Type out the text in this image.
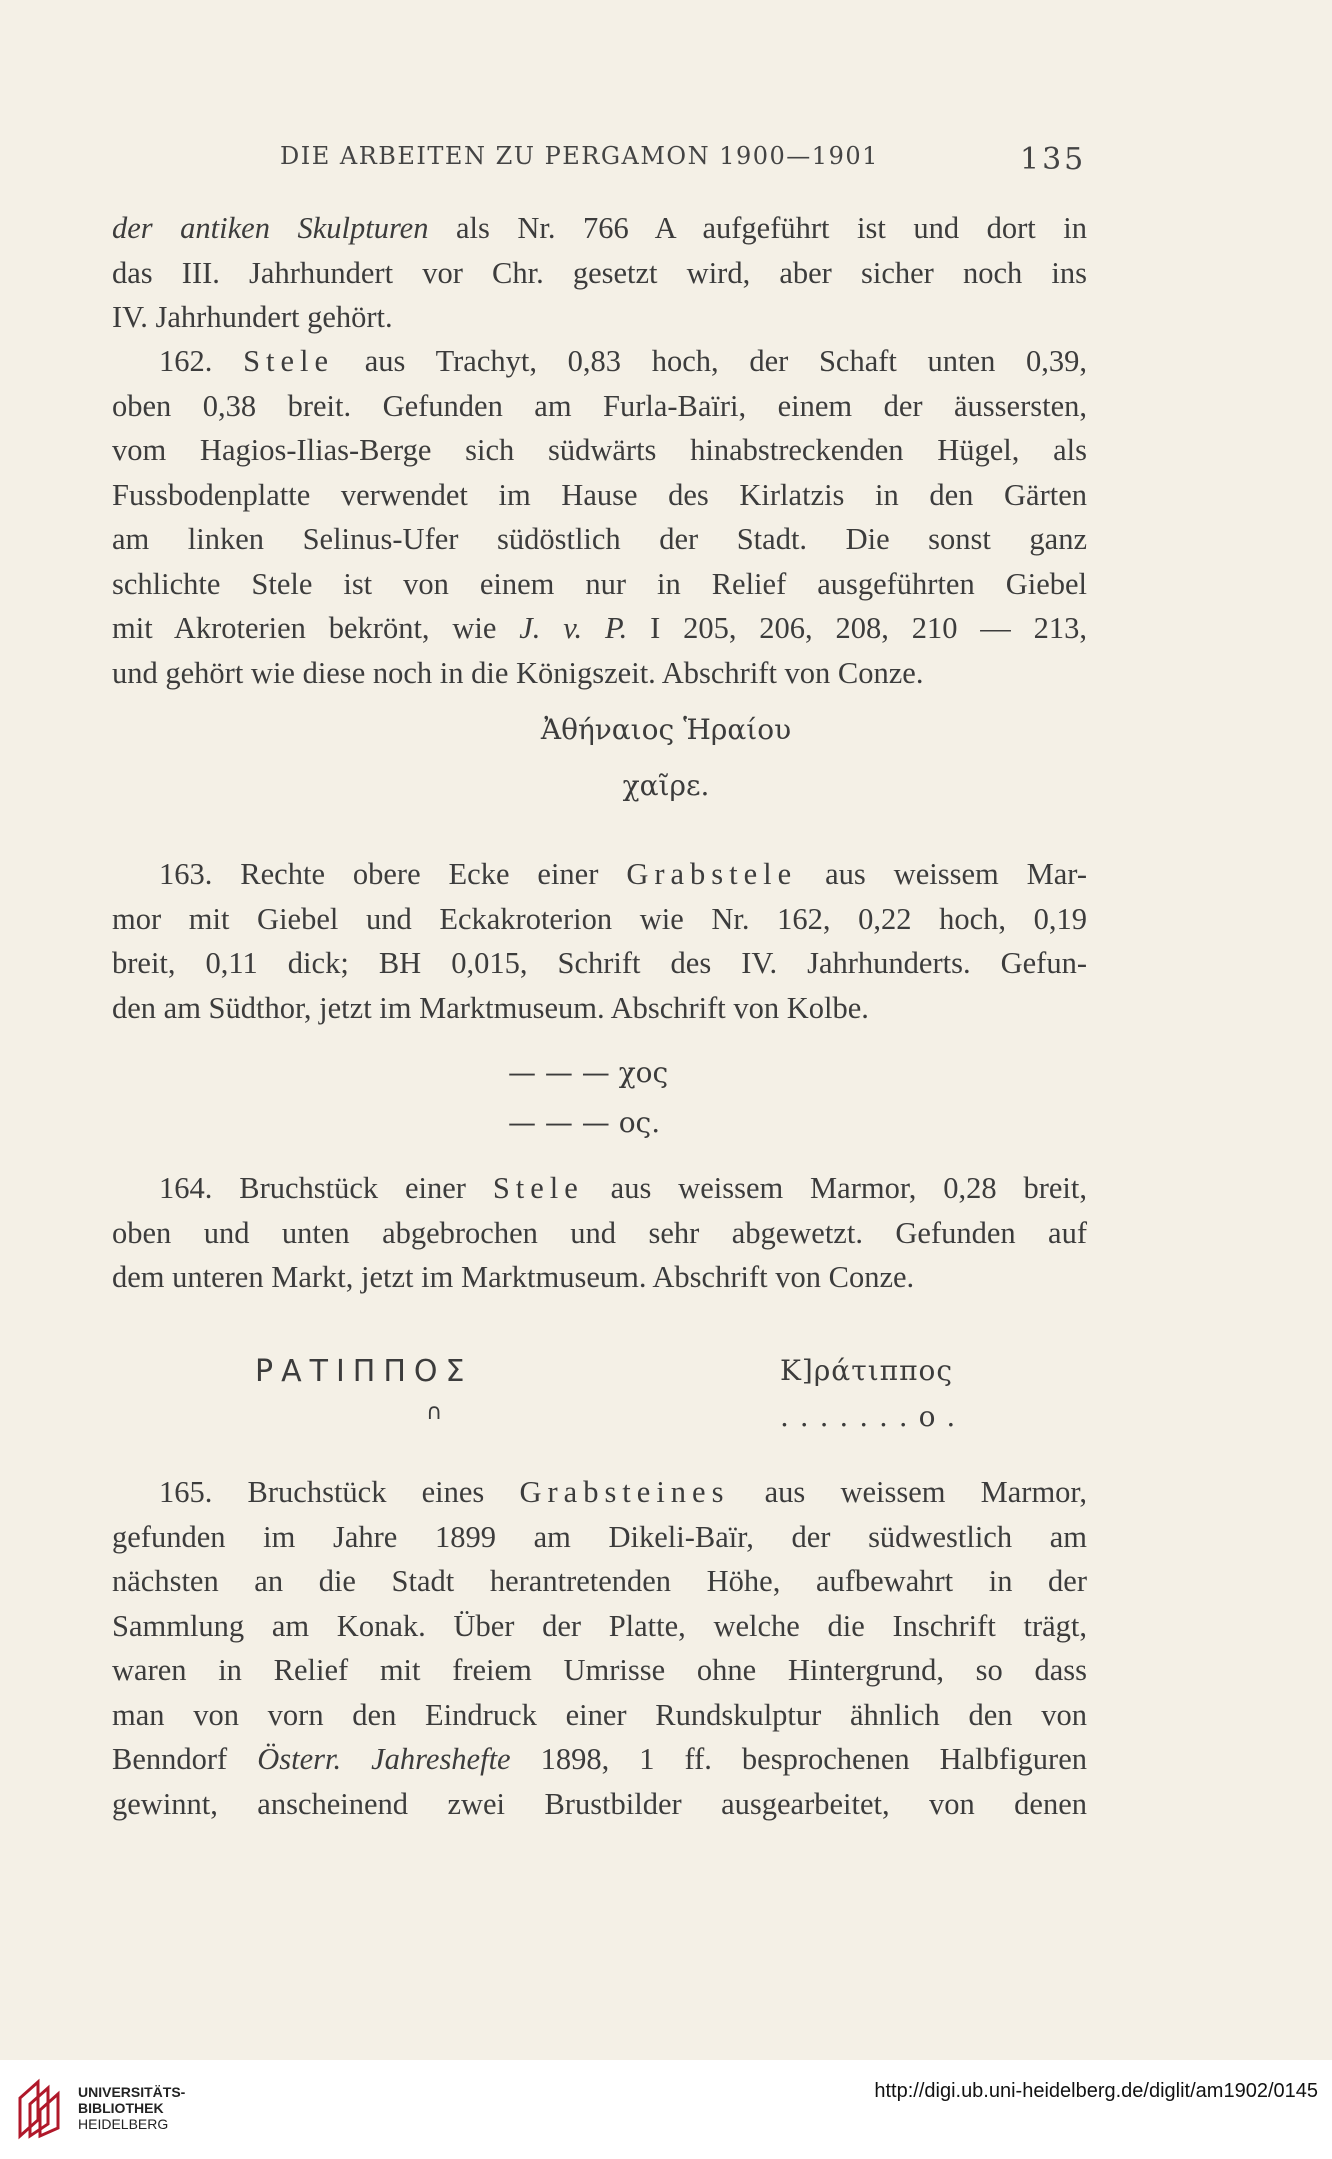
DIE ARBEITEN ZU PERGAMON 1900—1901	135

der antiken Skulpturen als Nr. 766 A aufgeführt ist und dort in

das III. Jahrhundert vor Chr. gesetzt wird, aber sicher noch ins

IV. Jahrhundert gehört.

162. Stele aus Trachyt, 0,83 hoch, der Schaft unten 0,39,

oben 0,38 breit. Gefunden am Furla-Baïri, einem der äussersten,

vom Hagios-Ilias-Berge sich südwärts hinabstreckenden Hügel, als

Fussbodenplatte verwendet im Hause des Kirlatzis in den Gärten

am linken Selinus-Ufer südöstlich der Stadt. Die sonst ganz

schlichte Stele ist von einem nur in Relief ausgeführten Giebel

mit Akroterien bekrönt, wie J. v. P. I 205, 206, 208, 210 — 213,

und gehört wie diese noch in die Königszeit. Abschrift von Conze.

Ἀθήναιος Ἡραίου
χαῖρε.

163. Rechte obere Ecke einer Grabstele aus weissem Mar-

mor mit Giebel und Eckakroterion wie Nr. 162, 0,22 hoch, 0,19

breit, 0,11 dick; BH 0,015, Schrift des IV. Jahrhunderts. Gefun-

den am Südthor, jetzt im Marktmuseum. Abschrift von Kolbe.

— — — χος
— — — ος.

164. Bruchstück einer Stele aus weissem Marmor, 0,28 breit,

oben und unten abgebrochen und sehr abgewetzt. Gefunden auf

dem unteren Markt, jetzt im Marktmuseum. Abschrift von Conze.

ΡΑΤΙΠΠΟΣ
∩
Κ]ράτιππος
. . . . . . . ο .

165. Bruchstück eines Grabsteines aus weissem Marmor,

gefunden im Jahre 1899 am Dikeli-Baïr, der südwestlich am

nächsten an die Stadt herantretenden Höhe, aufbewahrt in der

Sammlung am Konak. Über der Platte, welche die Inschrift trägt,

waren in Relief mit freiem Umrisse ohne Hintergrund, so dass

man von vorn den Eindruck einer Rundskulptur ähnlich den von

Benndorf Österr. Jahreshefte 1898, 1 ff. besprochenen Halbfiguren

gewinnt, anscheinend zwei Brustbilder ausgearbeitet, von denen

UNIVERSITÄTS-
BIBLIOTHEK
HEIDELBERG
http://digi.ub.uni-heidelberg.de/diglit/am1902/0145
